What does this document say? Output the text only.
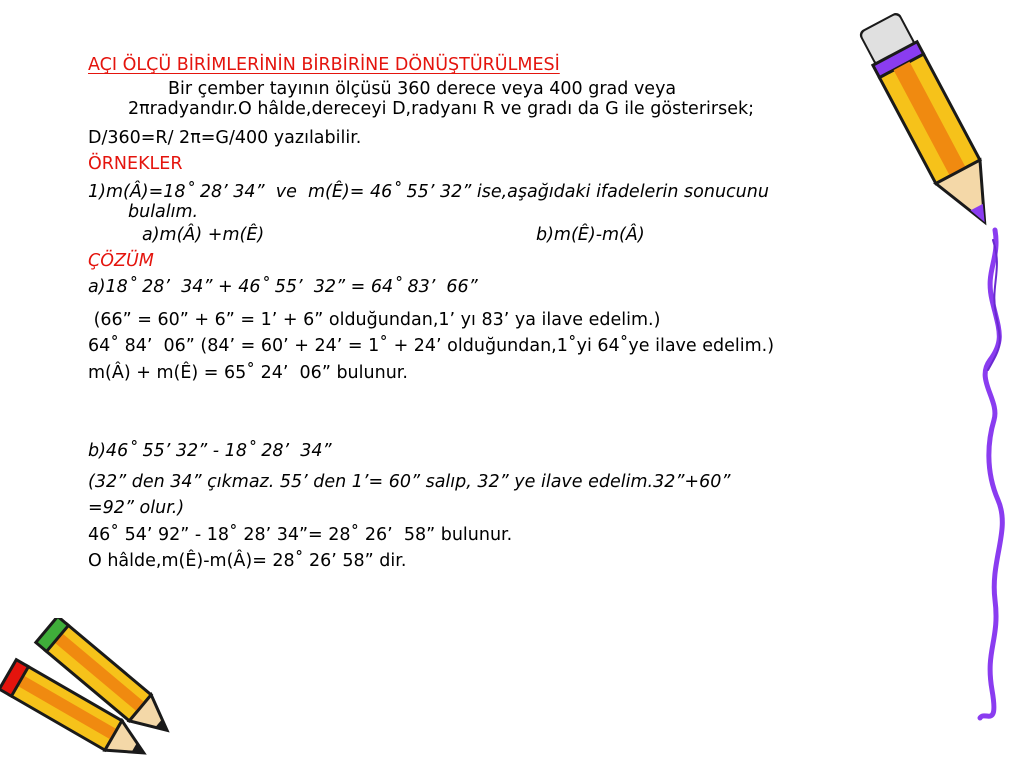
AÇI ÖLÇÜ BİRİMLERİNİN BİRBİRİNE DÖNÜŞTÜRÜLMESİ
Bir çember tayının ölçüsü 360 derece veya 400 grad veya
2πradyandır.O hâlde,dereceyi D,radyanı R ve gradı da G ile gösterirsek;
D/360=R/ 2π=G/400 yazılabilir.
ÖRNEKLER
1)m(Â)=18˚ 28’ 34”  ve  m(Ê)= 46˚ 55’ 32” ise,aşağıdaki ifadelerin sonucunu
bulalım.

a)m(Â) +m(Ê)

	b)m(Ê)-m(Â)

ÇÖZÜM
a)18˚ 28’  34” + 46˚ 55’  32” = 64˚ 83’  66”
(66” = 60” + 6” = 1’ + 6” olduğundan,1’ yı 83’ ya ilave edelim.)
64˚ 84’  06” (84’ = 60’ + 24’ = 1˚ + 24’ olduğundan,1˚yi 64˚ye ilave edelim.)
m(Â) + m(Ê) = 65˚ 24’  06” bulunur.
b)46˚ 55’ 32” - 18˚ 28’  34”
(32” den 34” çıkmaz. 55’ den 1’= 60” salıp, 32” ye ilave edelim.32”+60”
=92” olur.)
46˚ 54’ 92” - 18˚ 28’ 34”= 28˚ 26’  58” bulunur.
O hâlde,m(Ê)-m(Â)= 28˚ 26’ 58” dir.
